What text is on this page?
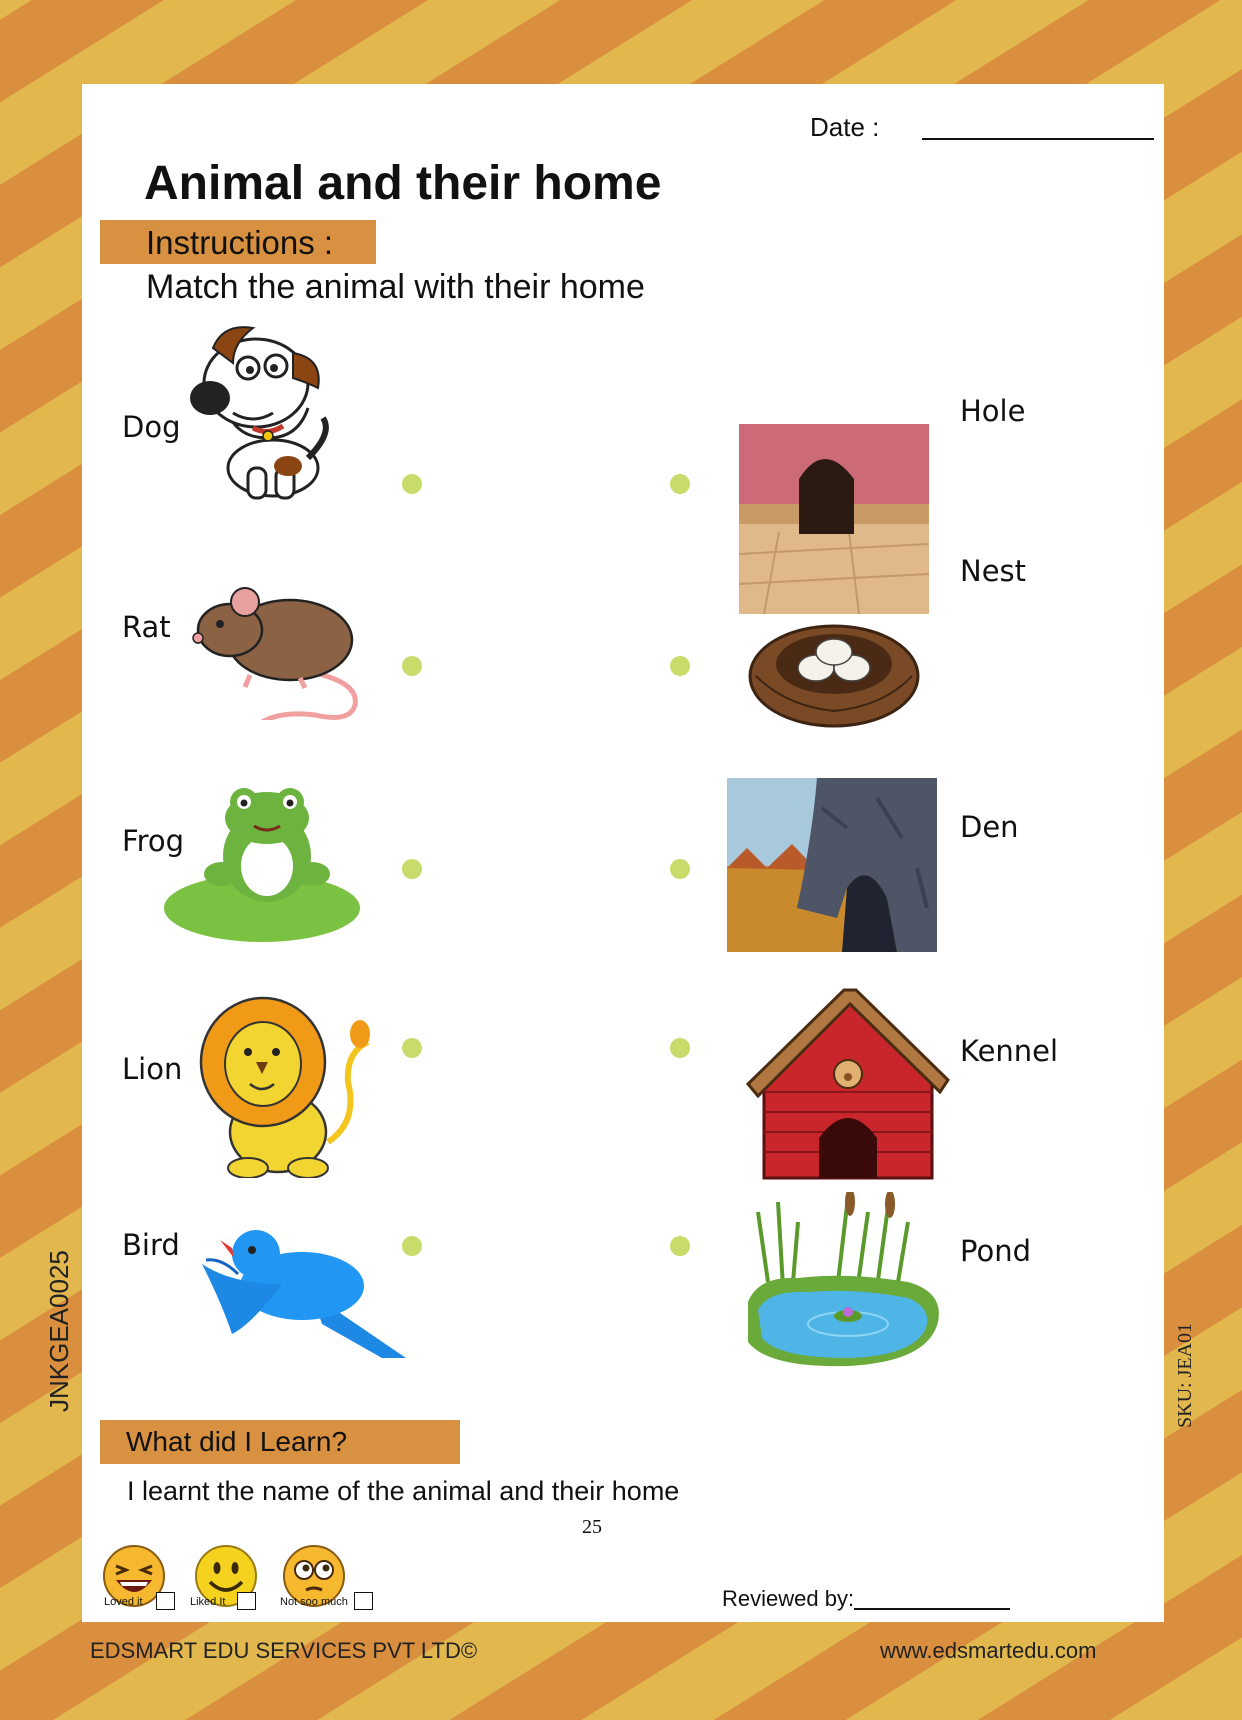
Date :
Animal and their home
Instructions :
Match the animal with their home
Dog	Hole
Rat
Nest
Frog	Den
Lion
Kennel
Bird	Pond
What did I Learn?
I learnt the name of the animal and their home
25
Loved it	Liked It	Not soo much	Reviewed by:
JNKGEA0025	SKU: JEA01
EDSMART EDU SERVICES PVT LTD©	www.edsmartedu.com
